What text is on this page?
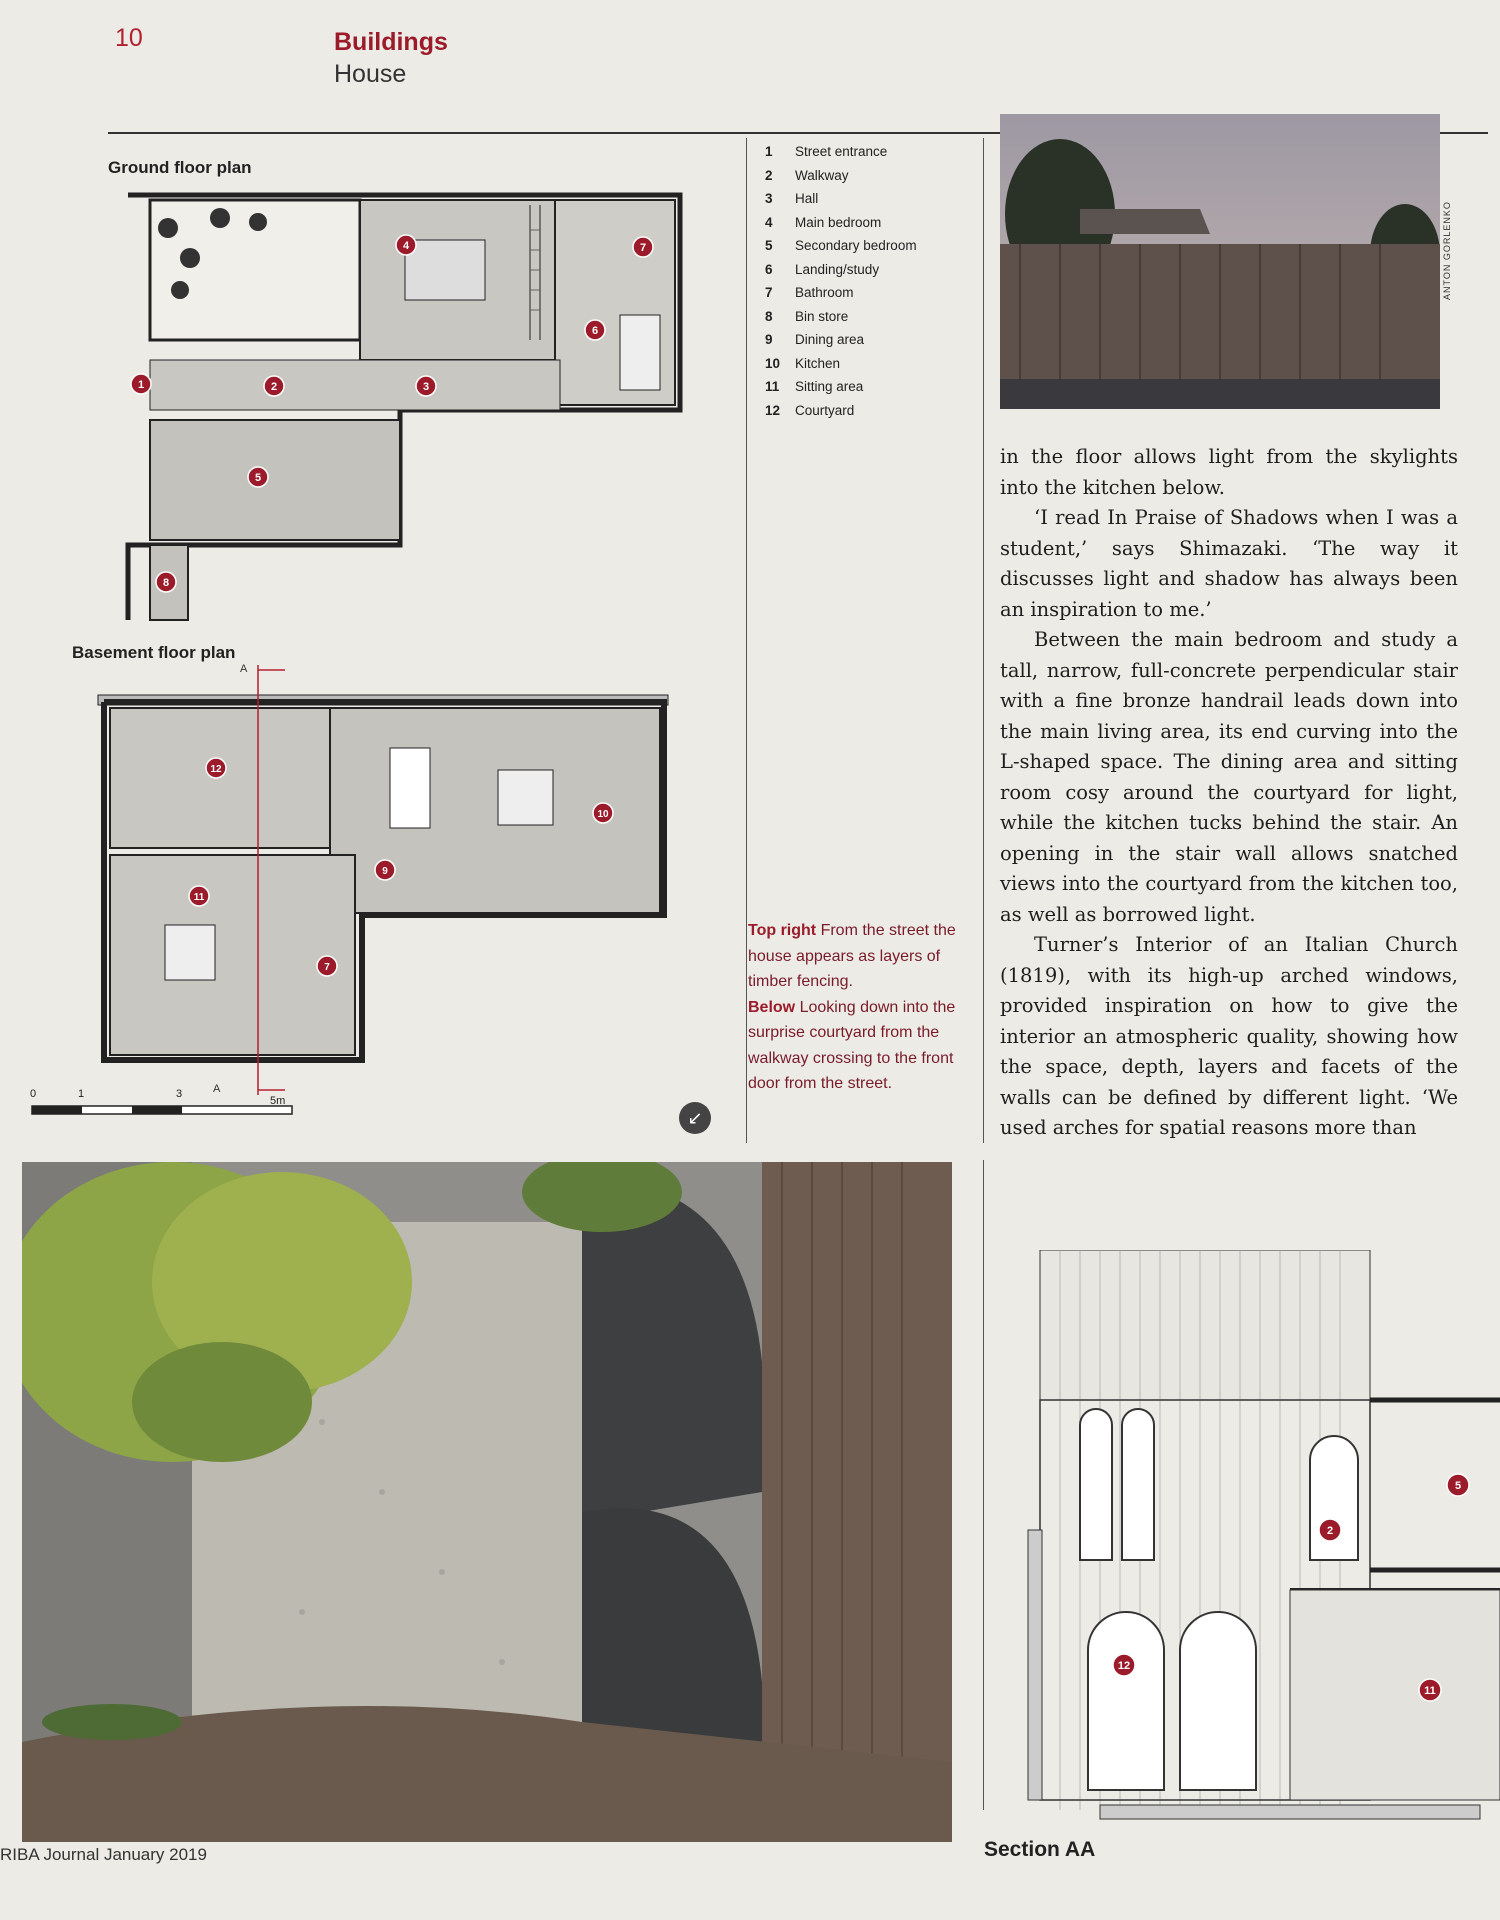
10	Buildings
House
Ground floor plan
Basement floor plan
1	2	3
4
5
6
7
8
12
9
10
11
7
A
A
0	1	3
5m
1	Street entrance
2	Walkway
3	Hall
4	Main bedroom
5	Secondary bedroom
6	Landing/study
7	Bathroom
8	Bin store
9	Dining area
10	Kitchen
11	Sitting area
12	Courtyard
Top right From the street the house appears as layers of timber fencing.
Below Looking down into the surprise courtyard from the walkway crossing to the front door from the street.
↙
ANTON GORLENKO

in the floor allows light from the skylights into the kitchen below.

‘I read In Praise of Shadows when I was a student,’ says Shimazaki. ‘The way it discusses light and shadow has always been an inspiration to me.’

Between the main bedroom and study a tall, narrow, full-concrete perpendicular stair with a fine bronze handrail leads down into the main living area, its end curving into the L-shaped space. The dining area and sitting room cosy around the courtyard for light, while the kitchen tucks behind the stair. An opening in the stair wall allows snatched views into the courtyard from the kitchen too, as well as borrowed light.

Turner’s Interior of an Italian Church (1819), with its high-up arched windows, provided inspiration on how to give the interior an atmospheric quality, showing how the space, depth, layers and facets of the walls can be defined by different light. ‘We used arches for spatial reasons more than

2
5
12
11
RIBA Journal January 2019	Section AA
